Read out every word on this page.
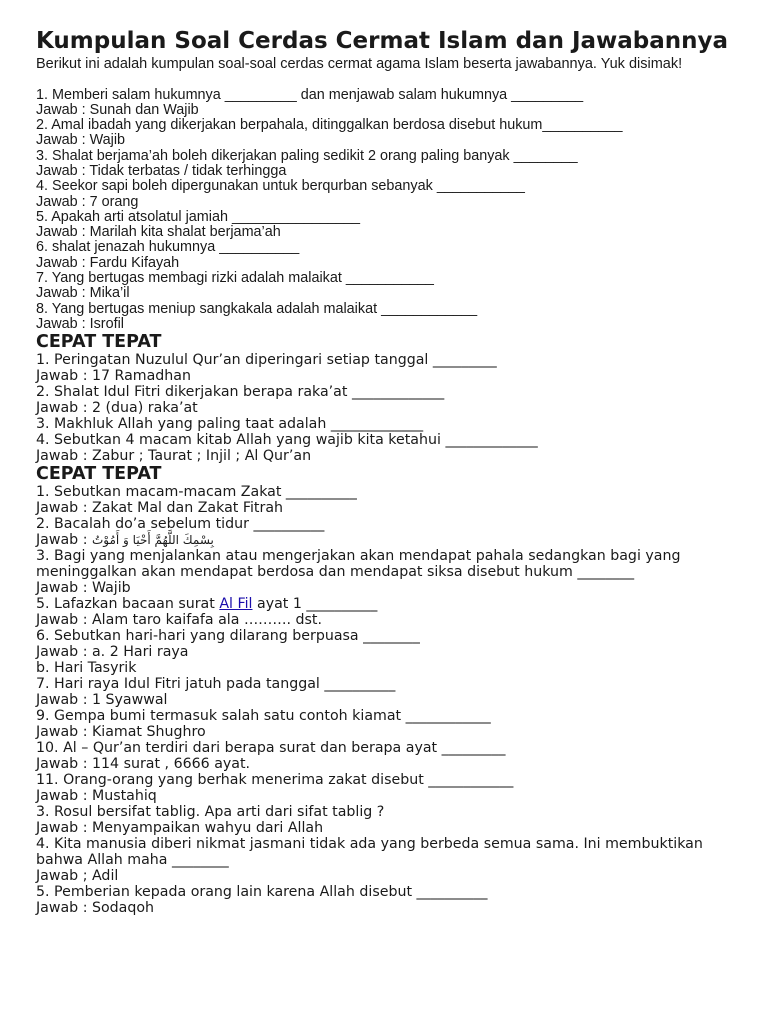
Kumpulan Soal Cerdas Cermat Islam dan Jawabannya

Berikut ini adalah kumpulan soal-soal cerdas cermat agama Islam beserta jawabannya. Yuk disimak!

1. Memberi salam hukumnya _________ dan menjawab salam hukumnya _________

Jawab : Sunah dan Wajib

2. Amal ibadah yang dikerjakan berpahala, ditinggalkan berdosa disebut hukum__________

Jawab : Wajib

3. Shalat berjama’ah boleh dikerjakan paling sedikit 2 orang paling banyak ________

Jawab : Tidak terbatas / tidak terhingga

4. Seekor sapi boleh dipergunakan untuk berqurban sebanyak ___________

Jawab : 7 orang

5. Apakah arti atsolatul jamiah ________________

Jawab : Marilah kita shalat berjama’ah

6. shalat jenazah hukumnya __________

Jawab : Fardu Kifayah

7. Yang bertugas membagi rizki adalah malaikat ___________

Jawab : Mika’il

8. Yang bertugas meniup sangkakala adalah malaikat ____________

Jawab : Isrofil

CEPAT TEPAT

1. Peringatan Nuzulul Qur’an diperingari setiap tanggal _________

Jawab : 17 Ramadhan

2. Shalat Idul Fitri dikerjakan berapa raka’at _____________

Jawab : 2 (dua) raka’at

3. Makhluk Allah yang paling taat adalah _____________

4. Sebutkan 4 macam kitab Allah yang wajib kita ketahui _____________

Jawab : Zabur ; Taurat ; Injil ; Al Qur’an

CEPAT TEPAT

1. Sebutkan macam-macam Zakat __________

Jawab : Zakat Mal dan Zakat Fitrah

2. Bacalah do’a sebelum tidur __________

Jawab : بِسْمِكَ اللَّهُمَّ أَحْيَا وَ أَمُوْتُ

3. Bagi yang menjalankan atau mengerjakan akan mendapat pahala sedangkan bagi yang meninggalkan akan mendapat berdosa dan mendapat siksa disebut hukum ________

Jawab : Wajib

5. Lafazkan bacaan surat Al Fil ayat 1 __________

Jawab : Alam taro kaifafa ala ………. dst.

6. Sebutkan hari-hari yang dilarang berpuasa ________

Jawab : a. 2 Hari raya

b. Hari Tasyrik

7. Hari raya Idul Fitri jatuh pada tanggal __________

Jawab : 1 Syawwal

9. Gempa bumi termasuk salah satu contoh kiamat ____________

Jawab : Kiamat Shughro

10. Al – Qur’an terdiri dari berapa surat dan berapa ayat _________

Jawab : 114 surat , 6666 ayat.

11. Orang-orang yang berhak menerima zakat disebut ____________

Jawab : Mustahiq

3. Rosul bersifat tablig. Apa arti dari sifat tablig ?

Jawab : Menyampaikan wahyu dari Allah

4. Kita manusia diberi nikmat jasmani tidak ada yang berbeda semua sama. Ini membuktikan bahwa Allah maha ________

Jawab ; Adil

5. Pemberian kepada orang lain karena Allah disebut __________

Jawab : Sodaqoh
